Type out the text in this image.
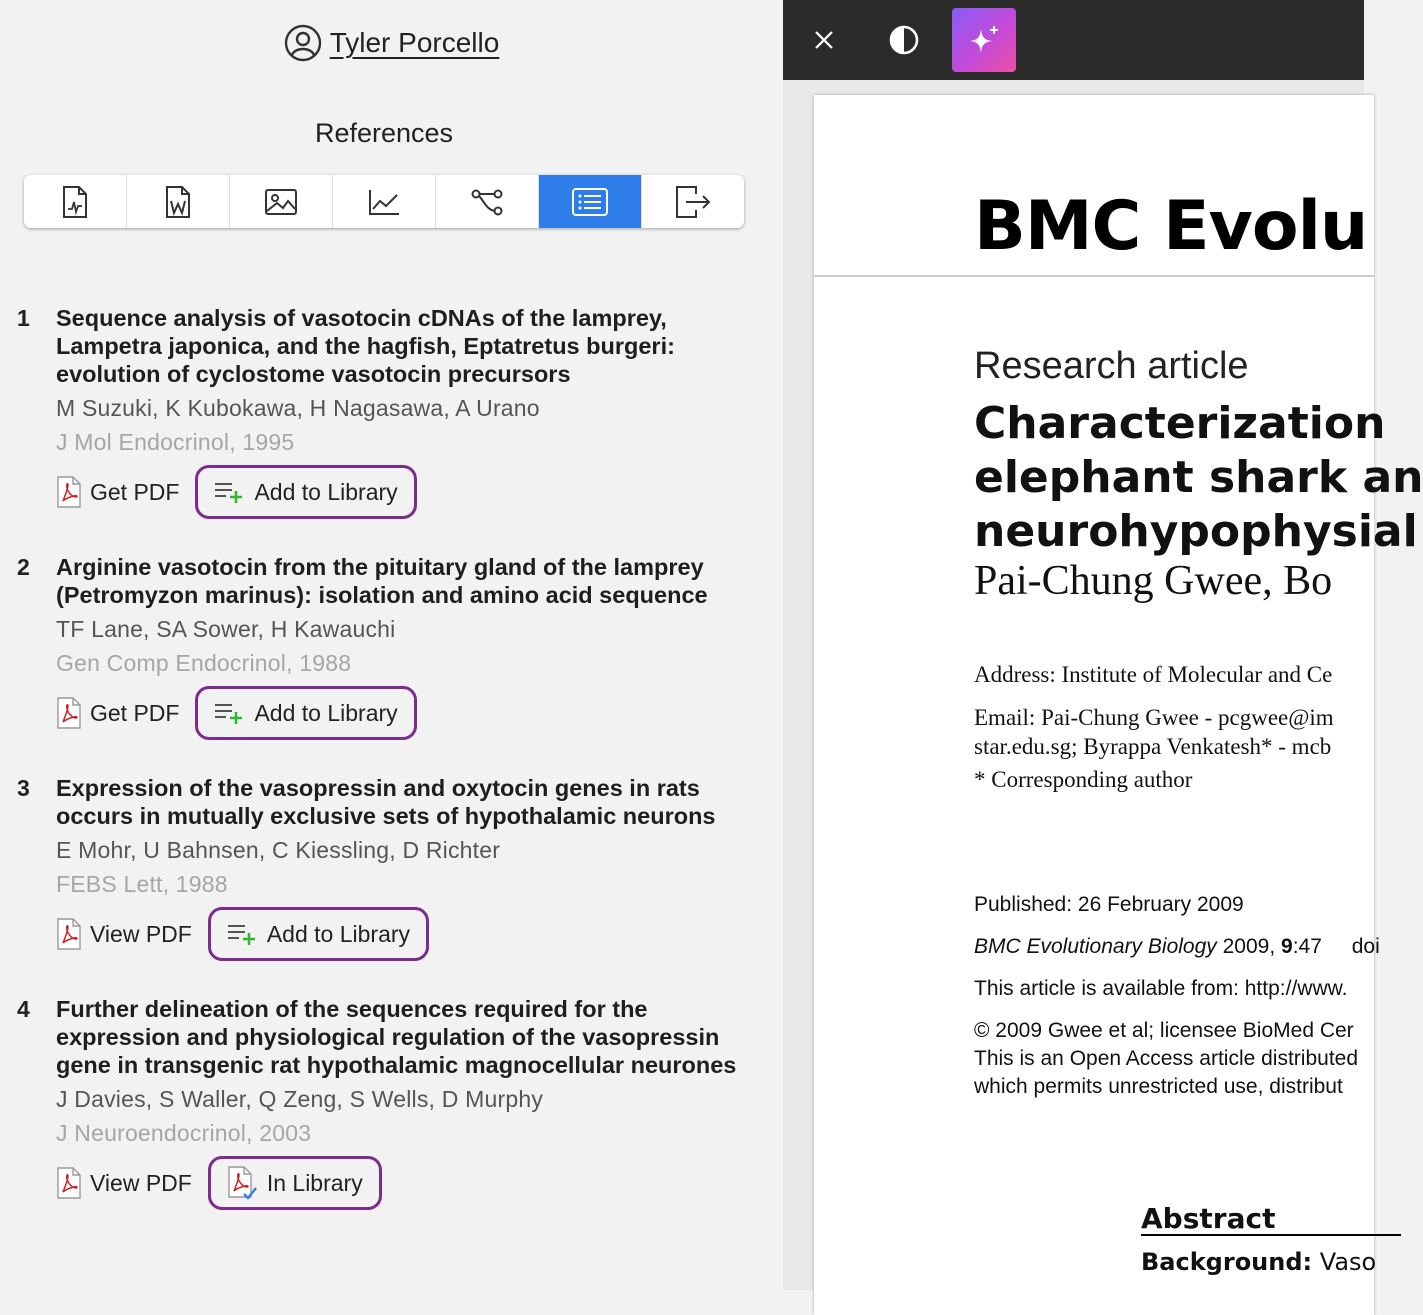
Tyler Porcello
References
1 Sequence analysis of vasotocin cDNAs of the lamprey, Lampetra japonica, and the hagfish, Eptatretus burgeri: evolution of cyclostome vasotocin precursors
M Suzuki, K Kubokawa, H Nagasawa, A Urano
J Mol Endocrinol, 1995
Get PDF	Add to Library
2 Arginine vasotocin from the pituitary gland of the lamprey (Petromyzon marinus): isolation and amino acid sequence
TF Lane, SA Sower, H Kawauchi
Gen Comp Endocrinol, 1988
Get PDF	Add to Library
3 Expression of the vasopressin and oxytocin genes in rats occurs in mutually exclusive sets of hypothalamic neurons
E Mohr, U Bahnsen, C Kiessling, D Richter
FEBS Lett, 1988
View PDF	Add to Library
4 Further delineation of the sequences required for the expression and physiological regulation of the vasopressin gene in transgenic rat hypothalamic magnocellular neurones
J Davies, S Waller, Q Zeng, S Wells, D Murphy
J Neuroendocrinol, 2003
View PDF	In Library
BMC Evolu
Research article
Characterization
elephant shark an
neurohypophysial
Pai-Chung Gwee, Bo
Address: Institute of Molecular and Ce
Email: Pai-Chung Gwee - pcgwee@im
star.edu.sg; Byrappa Venkatesh* - mcb
* Corresponding author
Published: 26 February 2009
BMC Evolutionary Biology 2009, 9:47 doi
This article is available from: http://www.
© 2009 Gwee et al; licensee BioMed Cer
This is an Open Access article distributed
which permits unrestricted use, distribut
Abstract
Background: Vaso
